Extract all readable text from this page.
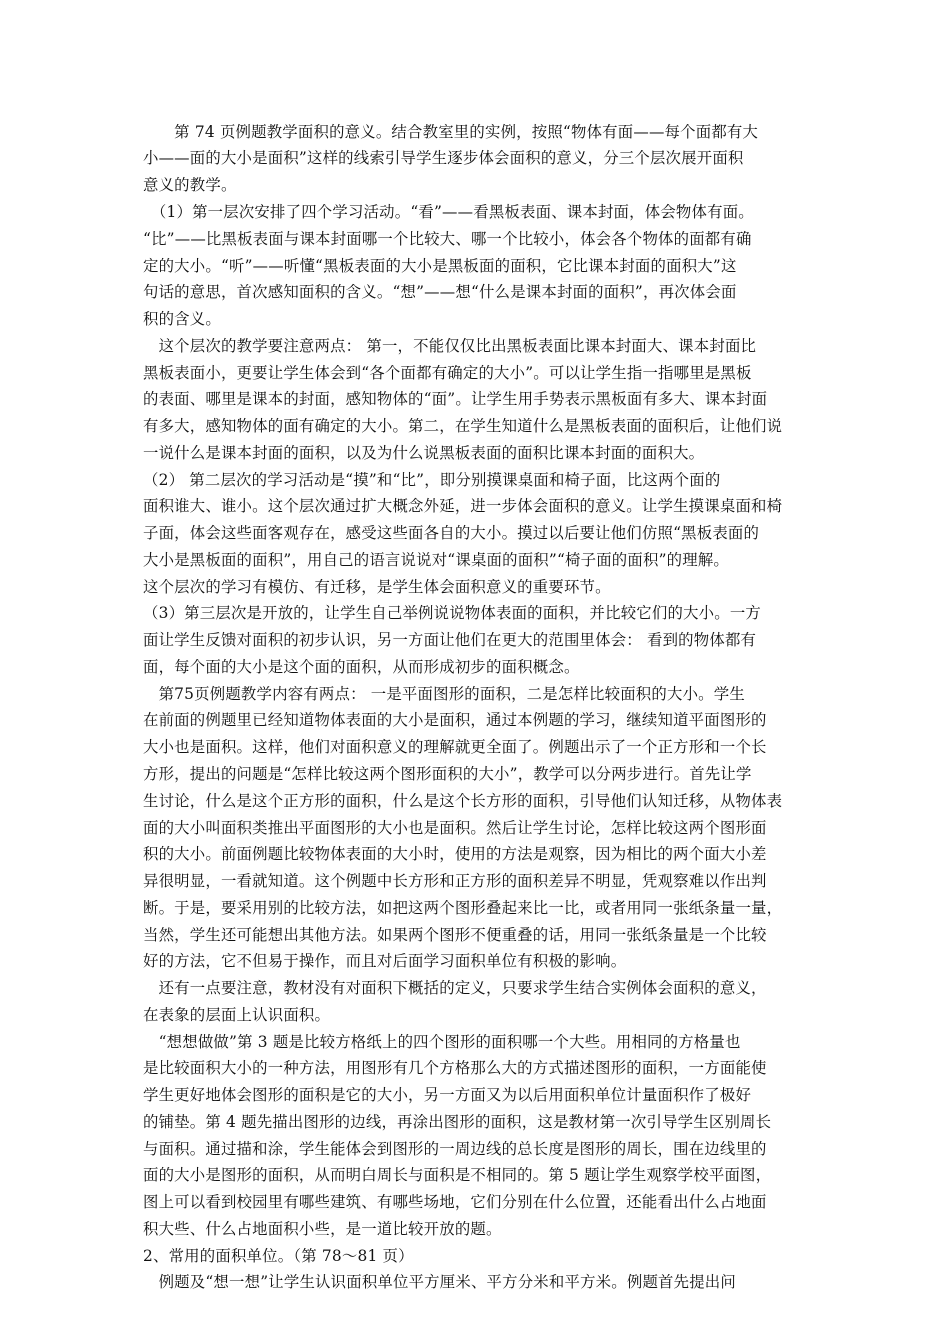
　　第 74 页例题教学面积的意义。结合教室里的实例，按照“物体有面——每个面都有大
小——面的大小是面积”这样的线索引导学生逐步体会面积的意义，分三个层次展开面积
意义的教学。
　（1）第一层次安排了四个学习活动。“看”——看黑板表面、课本封面，体会物体有面。
“比”——比黑板表面与课本封面哪一个比较大、哪一个比较小，体会各个物体的面都有确
定的大小。“听”——听懂“黑板表面的大小是黑板面的面积，它比课本封面的面积大”这
句话的意思，首次感知面积的含义。“想”——想“什么是课本封面的面积”，再次体会面
积的含义。
　这个层次的教学要注意两点： 第一，不能仅仅比出黑板表面比课本封面大、课本封面比
黑板表面小，更要让学生体会到“各个面都有确定的大小”。可以让学生指一指哪里是黑板
的表面、哪里是课本的封面，感知物体的“面”。让学生用手势表示黑板面有多大、课本封面
有多大，感知物体的面有确定的大小。第二，在学生知道什么是黑板表面的面积后，让他们说
一说什么是课本封面的面积，以及为什么说黑板表面的面积比课本封面的面积大。
（2） 第二层次的学习活动是“摸”和“比”，即分别摸课桌面和椅子面，比这两个面的
面积谁大、谁小。这个层次通过扩大概念外延，进一步体会面积的意义。让学生摸课桌面和椅
子面，体会这些面客观存在，感受这些面各自的大小。摸过以后要让他们仿照“黑板表面的
大小是黑板面的面积”，用自己的语言说说对“课桌面的面积”“椅子面的面积”的理解。
这个层次的学习有模仿、有迁移，是学生体会面积意义的重要环节。
（3）第三层次是开放的，让学生自己举例说说物体表面的面积，并比较它们的大小。一方
面让学生反馈对面积的初步认识，另一方面让他们在更大的范围里体会： 看到的物体都有
面，每个面的大小是这个面的面积，从而形成初步的面积概念。
　第75页例题教学内容有两点： 一是平面图形的面积，二是怎样比较面积的大小。学生
在前面的例题里已经知道物体表面的大小是面积，通过本例题的学习，继续知道平面图形的
大小也是面积。这样，他们对面积意义的理解就更全面了。例题出示了一个正方形和一个长
方形，提出的问题是“怎样比较这两个图形面积的大小”，教学可以分两步进行。首先让学
生讨论，什么是这个正方形的面积，什么是这个长方形的面积，引导他们认知迁移，从物体表
面的大小叫面积类推出平面图形的大小也是面积。然后让学生讨论，怎样比较这两个图形面
积的大小。前面例题比较物体表面的大小时，使用的方法是观察，因为相比的两个面大小差
异很明显，一看就知道。这个例题中长方形和正方形的面积差异不明显，凭观察难以作出判
断。于是，要采用别的比较方法，如把这两个图形叠起来比一比，或者用同一张纸条量一量，
当然，学生还可能想出其他方法。如果两个图形不便重叠的话，用同一张纸条量是一个比较
好的方法，它不但易于操作，而且对后面学习面积单位有积极的影响。
　还有一点要注意，教材没有对面积下概括的定义，只要求学生结合实例体会面积的意义，
在表象的层面上认识面积。
　“想想做做”第 3 题是比较方格纸上的四个图形的面积哪一个大些。用相同的方格量也
是比较面积大小的一种方法，用图形有几个方格那么大的方式描述图形的面积，一方面能使
学生更好地体会图形的面积是它的大小，另一方面又为以后用面积单位计量面积作了极好
的铺垫。第 4 题先描出图形的边线，再涂出图形的面积，这是教材第一次引导学生区别周长
与面积。通过描和涂，学生能体会到图形的一周边线的总长度是图形的周长，围在边线里的
面的大小是图形的面积，从而明白周长与面积是不相同的。第 5 题让学生观察学校平面图，
图上可以看到校园里有哪些建筑、有哪些场地，它们分别在什么位置，还能看出什么占地面
积大些、什么占地面积小些，是一道比较开放的题。
2、常用的面积单位。（第 78～81 页）
　例题及“想一想”让学生认识面积单位平方厘米、平方分米和平方米。例题首先提出问
